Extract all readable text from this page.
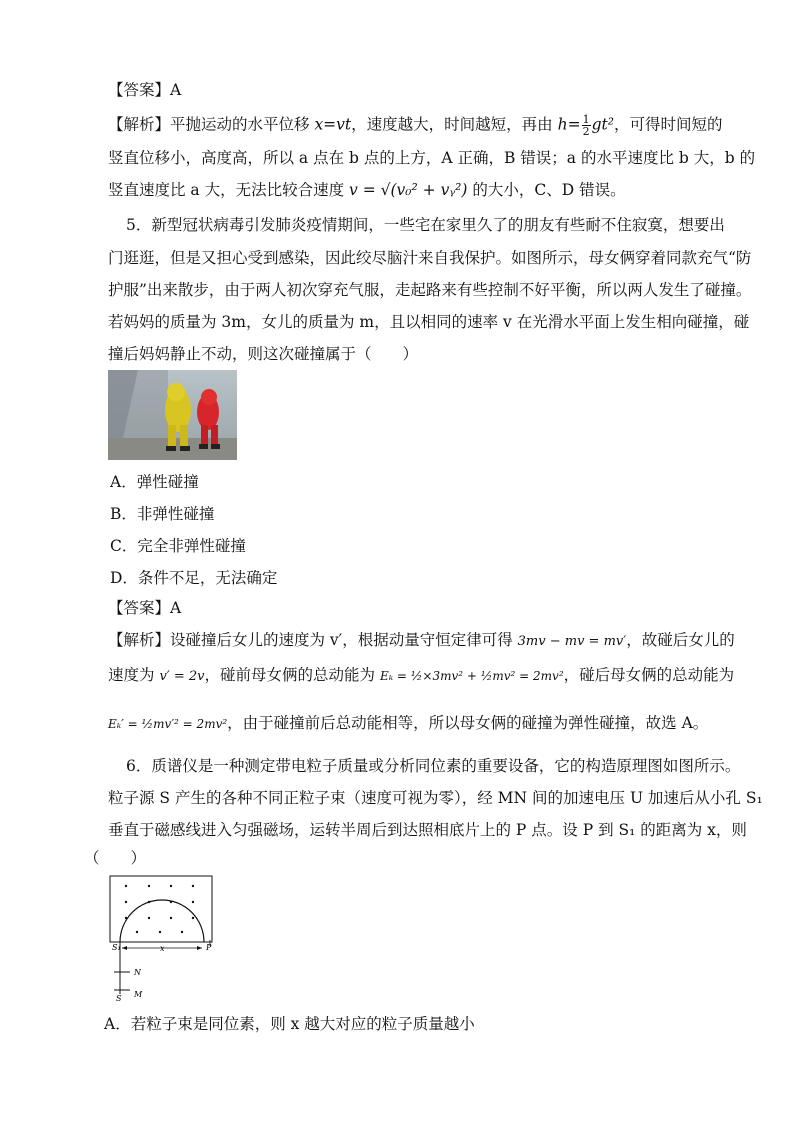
【答案】A
【解析】平抛运动的水平位移 x=vt，速度越大，时间越短，再由 $h= \frac{1}{2} gt^2$，可得时间短的
竖直位移小，高度高，所以 a 点在 b 点的上方，A 正确，B 错误；a 的水平速度比 b 大，b 的
竖直速度比 a 大，无法比较合速度 v = √(v₀² + vᵧ²) 的大小，C、D 错误。
5．新型冠状病毒引发肺炎疫情期间，一些宅在家里久了的朋友有些耐不住寂寞，想要出
门逛逛，但是又担心受到感染，因此绞尽脑汁来自我保护。如图所示，母女俩穿着同款充气“防
护服”出来散步，由于两人初次穿充气服，走起路来有些控制不好平衡，所以两人发生了碰撞。
若妈妈的质量为 3m，女儿的质量为 m，且以相同的速率 v 在光滑水平面上发生相向碰撞，碰
撞后妈妈静止不动，则这次碰撞属于（　　）
A．弹性碰撞
B．非弹性碰撞
C．完全非弹性碰撞
D．条件不足，无法确定
【答案】A
【解析】设碰撞后女儿的速度为 v′，根据动量守恒定律可得 3mv − mv = mv′，故碰后女儿的
速度为 v′ = 2v，碰前母女俩的总动能为 Eₖ = ½×3mv² + ½mv² = 2mv²，碰后母女俩的总动能为
Eₖ′ = ½mv′² = 2mv²，由于碰撞前后总动能相等，所以母女俩的碰撞为弹性碰撞，故选 A。
6．质谱仪是一种测定带电粒子质量或分析同位素的重要设备，它的构造原理图如图所示。
粒子源 S 产生的各种不同正粒子束（速度可视为零），经 MN 间的加速电压 U 加速后从小孔 S₁
垂直于磁感线进入匀强磁场，运转半周后到达照相底片上的 P 点。设 P 到 S₁ 的距离为 x，则
（　　）
S₁	x	P
N
S M
A．若粒子束是同位素，则 x 越大对应的粒子质量越小
